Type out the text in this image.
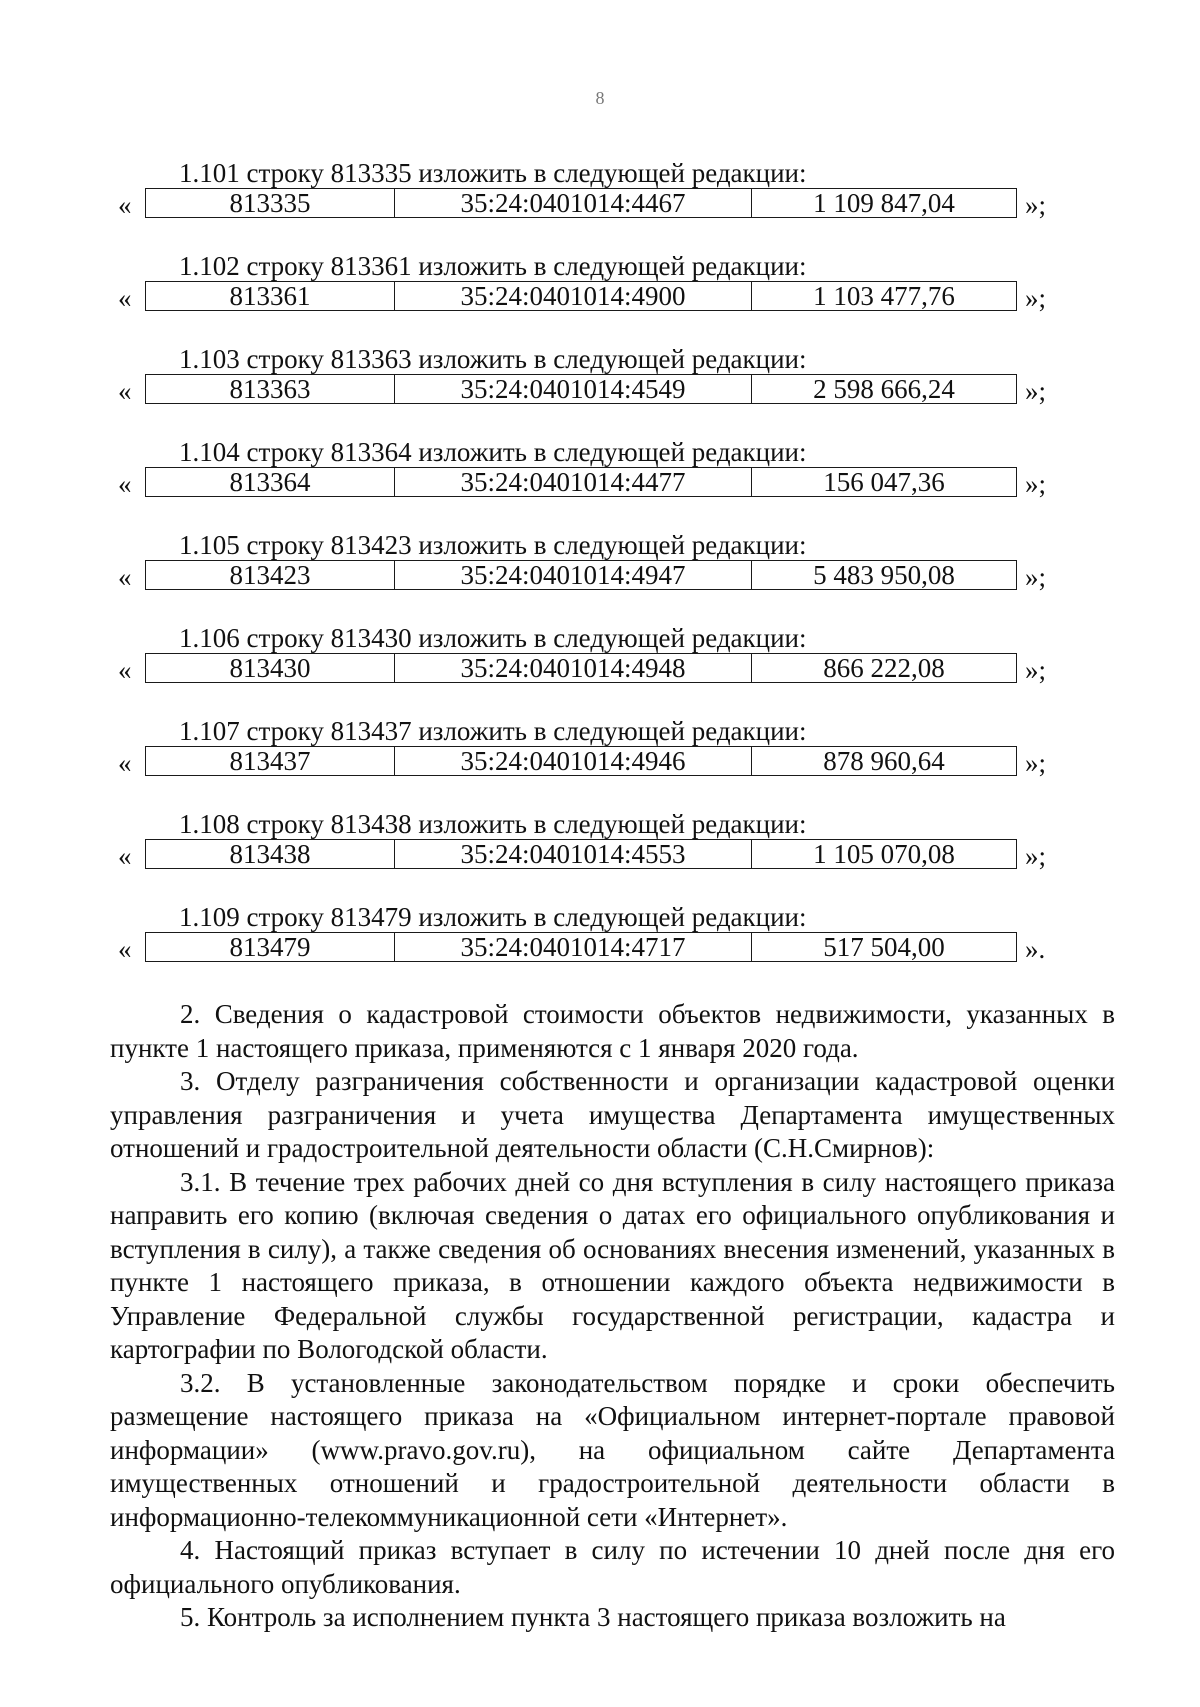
8
1.101 строку 813335 изложить в следующей редакции:
«	813335	35:24:0401014:4467	1 109 847,04	»;
1.102 строку 813361 изложить в следующей редакции:
«	813361	35:24:0401014:4900	1 103 477,76	»;
1.103 строку 813363 изложить в следующей редакции:
«	813363	35:24:0401014:4549	2 598 666,24	»;
1.104 строку 813364 изложить в следующей редакции:
«	813364	35:24:0401014:4477	156 047,36	»;
1.105 строку 813423 изложить в следующей редакции:
«	813423	35:24:0401014:4947	5 483 950,08	»;
1.106 строку 813430 изложить в следующей редакции:
«	813430	35:24:0401014:4948	866 222,08	»;
1.107 строку 813437 изложить в следующей редакции:
«	813437	35:24:0401014:4946	878 960,64	»;
1.108 строку 813438 изложить в следующей редакции:
«	813438	35:24:0401014:4553	1 105 070,08	»;
1.109 строку 813479 изложить в следующей редакции:
«	813479	35:24:0401014:4717	517 504,00	».

2. Сведения о кадастровой стоимости объектов недвижимости, указанных в пункте 1 настоящего приказа, применяются с 1 января 2020 года.

3. Отделу разграничения собственности и организации кадастровой оценки управления разграничения и учета имущества Департамента имущественных отношений и градостроительной деятельности области (С.Н.Смирнов):

3.1. В течение трех рабочих дней со дня вступления в силу настоящего приказа направить его копию (включая сведения о датах его официального опубликования и вступления в силу), а также сведения об основаниях внесения изменений, указанных в пункте 1 настоящего приказа, в отношении каждого объекта недвижимости в Управление Федеральной службы государственной регистрации, кадастра и картографии по Вологодской области.

3.2. В установленные законодательством порядке и сроки обеспечить размещение настоящего приказа на «Официальном интернет-портале правовой информации» (www.pravo.gov.ru), на официальном сайте Департамента имущественных отношений и градостроительной деятельности области в информационно-телекоммуникационной сети «Интернет».

4. Настоящий приказ вступает в силу по истечении 10 дней после дня его официального опубликования.

5. Контроль за исполнением пункта 3 настоящего приказа возложить на
